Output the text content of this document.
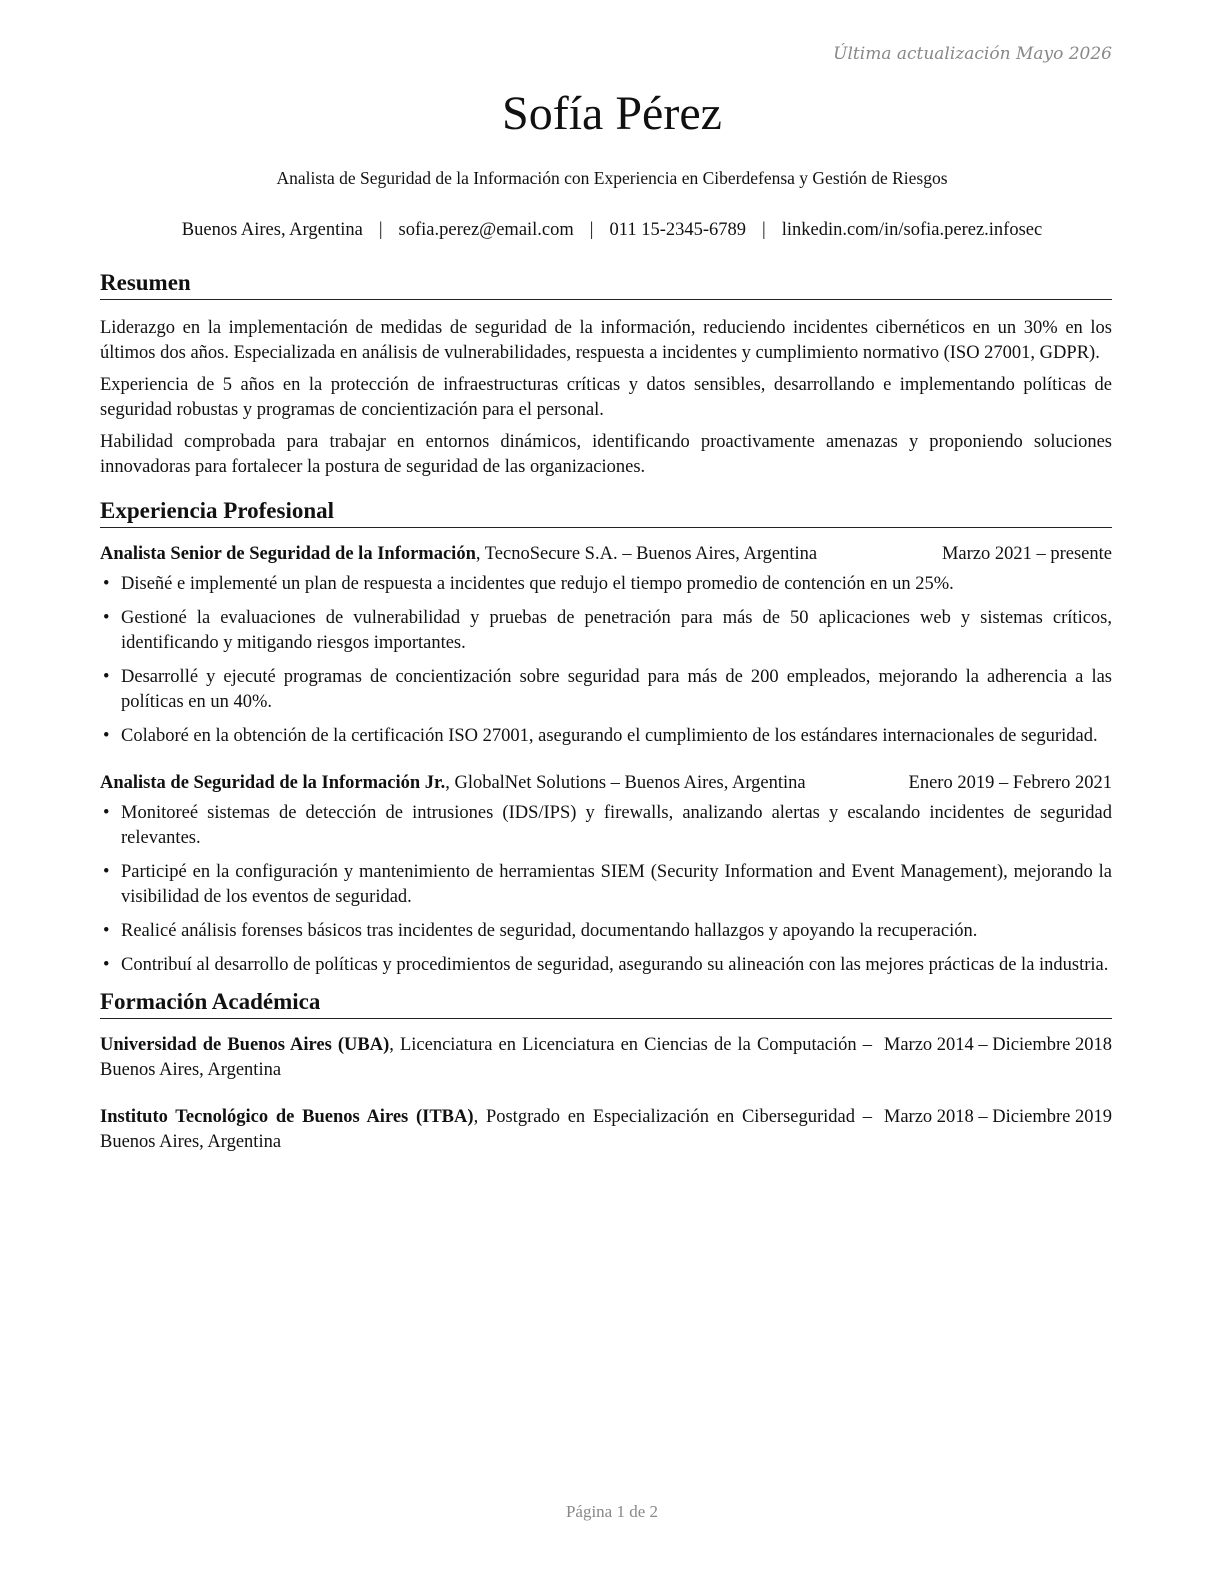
Última actualización Mayo 2026
Sofía Pérez
Analista de Seguridad de la Información con Experiencia en Ciberdefensa y Gestión de Riesgos
Buenos Aires, Argentina | sofia.perez@email.com | 011 15-2345-6789 | linkedin.com/in/sofia.perez.infosec
Resumen

Liderazgo en la implementación de medidas de seguridad de la información, reduciendo incidentes cibernéticos en un 30% en los últimos dos años. Especializada en análisis de vulnerabilidades, respuesta a incidentes y cumplimiento normativo (ISO 27001, GDPR).

Experiencia de 5 años en la protección de infraestructuras críticas y datos sensibles, desarrollando e implementando políticas de seguridad robustas y programas de concientización para el personal.

Habilidad comprobada para trabajar en entornos dinámicos, identificando proactivamente amenazas y proponiendo soluciones innovadoras para fortalecer la postura de seguridad de las organizaciones.

Experiencia Profesional
Analista Senior de Seguridad de la Información, TecnoSecure S.A. – Buenos Aires, Argentina	Marzo 2021 – presente
• Diseñé e implementé un plan de respuesta a incidentes que redujo el tiempo promedio de contención en un 25%.
• Gestioné la evaluaciones de vulnerabilidad y pruebas de penetración para más de 50 aplicaciones web y sistemas críticos, identificando y mitigando riesgos importantes.
• Desarrollé y ejecuté programas de concientización sobre seguridad para más de 200 empleados, mejorando la adherencia a las políticas en un 40%.
• Colaboré en la obtención de la certificación ISO 27001, asegurando el cumplimiento de los estándares internacionales de seguridad.
Analista de Seguridad de la Información Jr., GlobalNet Solutions – Buenos Aires, Argentina	Enero 2019 – Febrero 2021
• Monitoreé sistemas de detección de intrusiones (IDS/IPS) y firewalls, analizando alertas y escalando incidentes de seguridad relevantes.
• Participé en la configuración y mantenimiento de herramientas SIEM (Security Information and Event Management), mejorando la visibilidad de los eventos de seguridad.
• Realicé análisis forenses básicos tras incidentes de seguridad, documentando hallazgos y apoyando la recuperación.
• Contribuí al desarrollo de políticas y procedimientos de seguridad, asegurando su alineación con las mejores prácticas de la industria.
Formación Académica
Universidad de Buenos Aires (UBA), Licenciatura en Licenciatura en Ciencias de la Computación – Buenos Aires, Argentina
Marzo 2014 – Diciembre 2018
Instituto Tecnológico de Buenos Aires (ITBA), Postgrado en Especialización en Ciberseguridad – Buenos Aires, Argentina
Marzo 2018 – Diciembre 2019
Página 1 de 2
